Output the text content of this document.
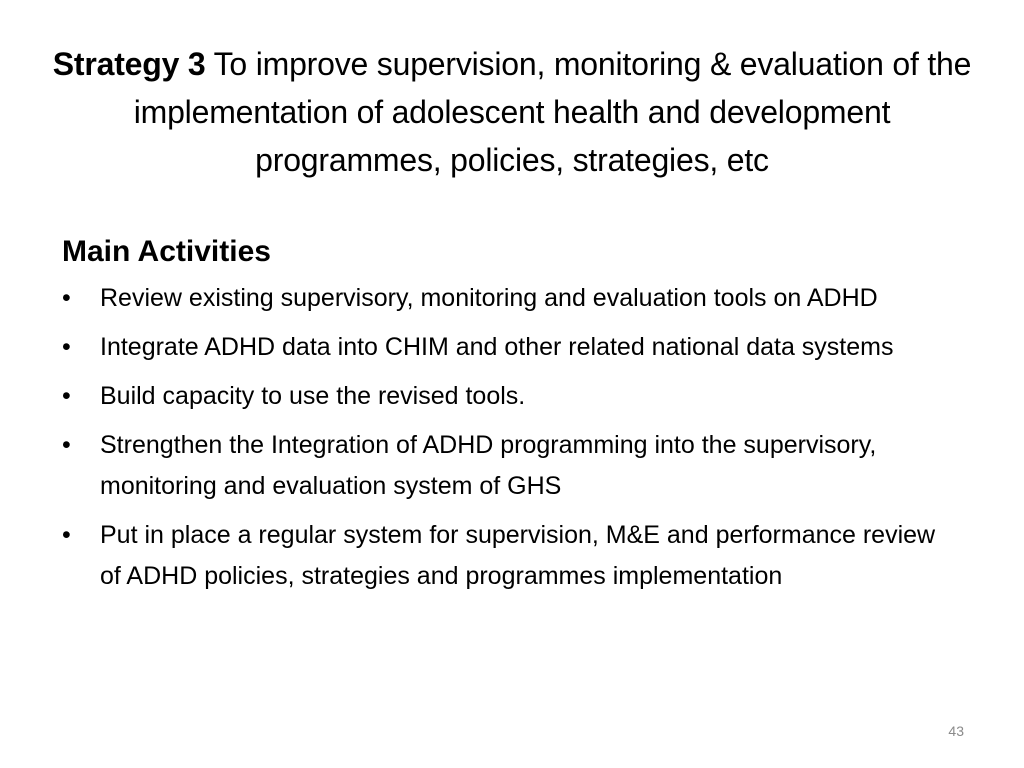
Strategy 3 To improve supervision, monitoring & evaluation of the implementation of adolescent health and development programmes, policies, strategies, etc
Main Activities
•	Review existing supervisory, monitoring and evaluation tools on ADHD
•	Integrate ADHD data into CHIM and other related national data systems
•	Build capacity to use the revised tools.
•	Strengthen the Integration of ADHD programming into the supervisory, monitoring and evaluation system of GHS
•	Put in place a regular system for supervision, M&E and performance review of ADHD policies, strategies and programmes implementation
43
